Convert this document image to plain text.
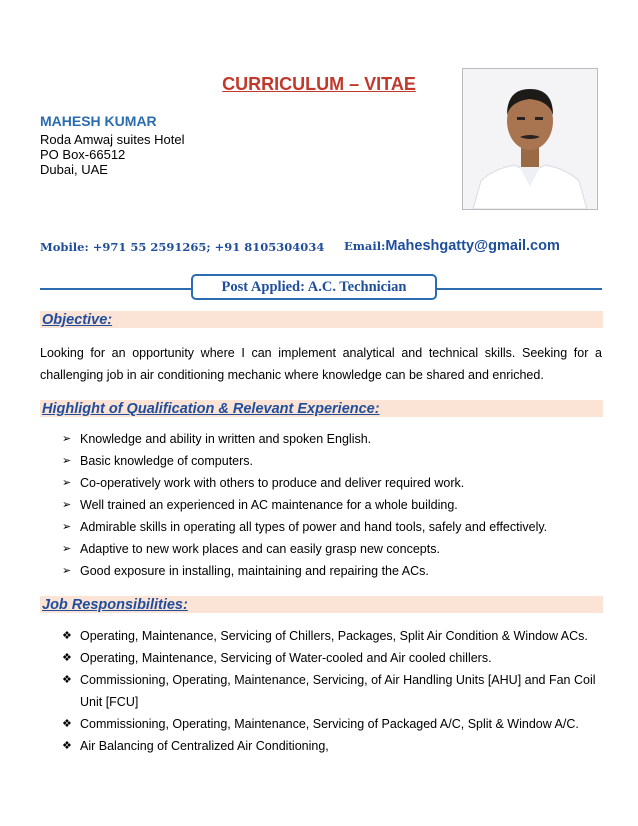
CURRICULUM – VITAE
MAHESH KUMAR
Roda Amwaj suites Hotel
PO Box-66512
Dubai, UAE
Mobile: +971 55 2591265; +91 8105304034 Email:Maheshgatty@gmail.com
Post Applied: A.C. Technician
Objective:
Looking for an opportunity where I can implement analytical and technical skills. Seeking for a challenging job in air conditioning mechanic where knowledge can be shared and enriched.
Highlight of Qualification & Relevant Experience:
➢ Knowledge and ability in written and spoken English.
➢ Basic knowledge of computers.
➢ Co-operatively work with others to produce and deliver required work.
➢ Well trained an experienced in AC maintenance for a whole building.
➢ Admirable skills in operating all types of power and hand tools, safely and effectively.
➢ Adaptive to new work places and can easily grasp new concepts.
➢ Good exposure in installing, maintaining and repairing the ACs.
Job Responsibilities:
❖ Operating, Maintenance, Servicing of Chillers, Packages, Split Air Condition & Window ACs.
❖ Operating, Maintenance, Servicing of Water-cooled and Air cooled chillers.
❖ Commissioning, Operating, Maintenance, Servicing, of Air Handling Units [AHU] and Fan Coil Unit [FCU]
❖ Commissioning, Operating, Maintenance, Servicing of Packaged A/C, Split & Window A/C.
❖ Air Balancing of Centralized Air Conditioning,
